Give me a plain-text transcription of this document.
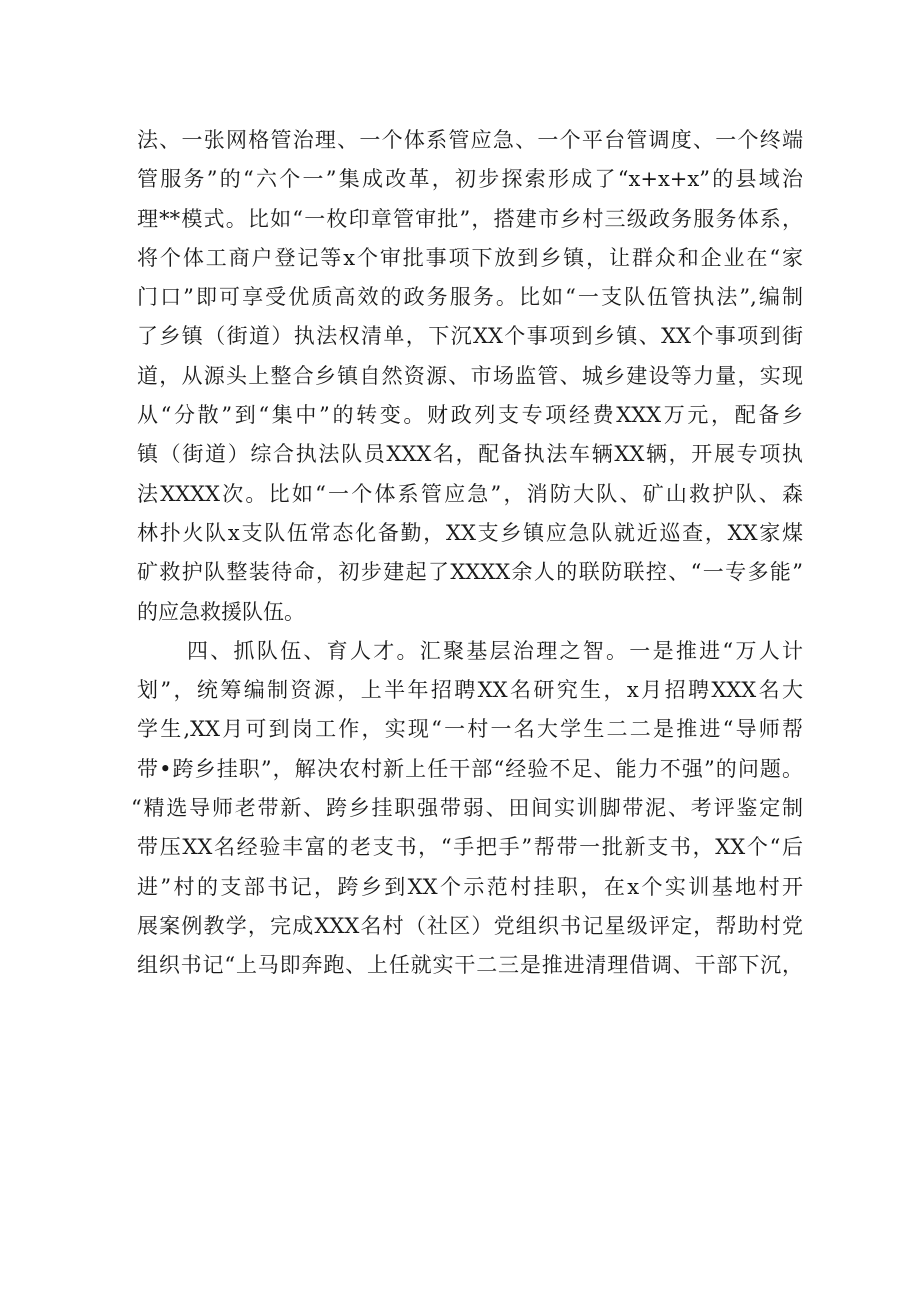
法、一张网格管治理、一个体系管应急、一个平台管调度、一个终端
管服务”的“六个一”集成改革，初步探索形成了“x+x+x”的县域治
理**模式。比如“一枚印章管审批”，搭建市乡村三级政务服务体系，
将个体工商户登记等x个审批事项下放到乡镇，让群众和企业在“家
门口”即可享受优质高效的政务服务。比如“一支队伍管执法”,编制
了乡镇（街道）执法权清单，下沉XX个事项到乡镇、XX个事项到街
道，从源头上整合乡镇自然资源、市场监管、城乡建设等力量，实现
从“分散”到“集中”的转变。财政列支专项经费XXX万元，配备乡
镇（街道）综合执法队员XXX名，配备执法车辆XX辆，开展专项执
法XXXX次。比如“一个体系管应急”，消防大队、矿山救护队、森
林扑火队x支队伍常态化备勤，XX支乡镇应急队就近巡查，XX家煤
矿救护队整装待命，初步建起了XXXX余人的联防联控、“一专多能”
的应急救援队伍。
四、抓队伍、育人才。汇聚基层治理之智。一是推进“万人计
划”，统筹编制资源，上半年招聘XX名研究生，x月招聘XXX名大
学生,XX月可到岗工作，实现“一村一名大学生二二是推进“导师帮
带•跨乡挂职”，解决农村新上任干部“经验不足、能力不强”的问题。
“精选导师老带新、跨乡挂职强带弱、田间实训脚带泥、考评鉴定制
带压XX名经验丰富的老支书，“手把手”帮带一批新支书，XX个“后
进”村的支部书记，跨乡到XX个示范村挂职，在x个实训基地村开
展案例教学，完成XXX名村（社区）党组织书记星级评定，帮助村党
组织书记“上马即奔跑、上任就实干二三是推进清理借调、干部下沉，
